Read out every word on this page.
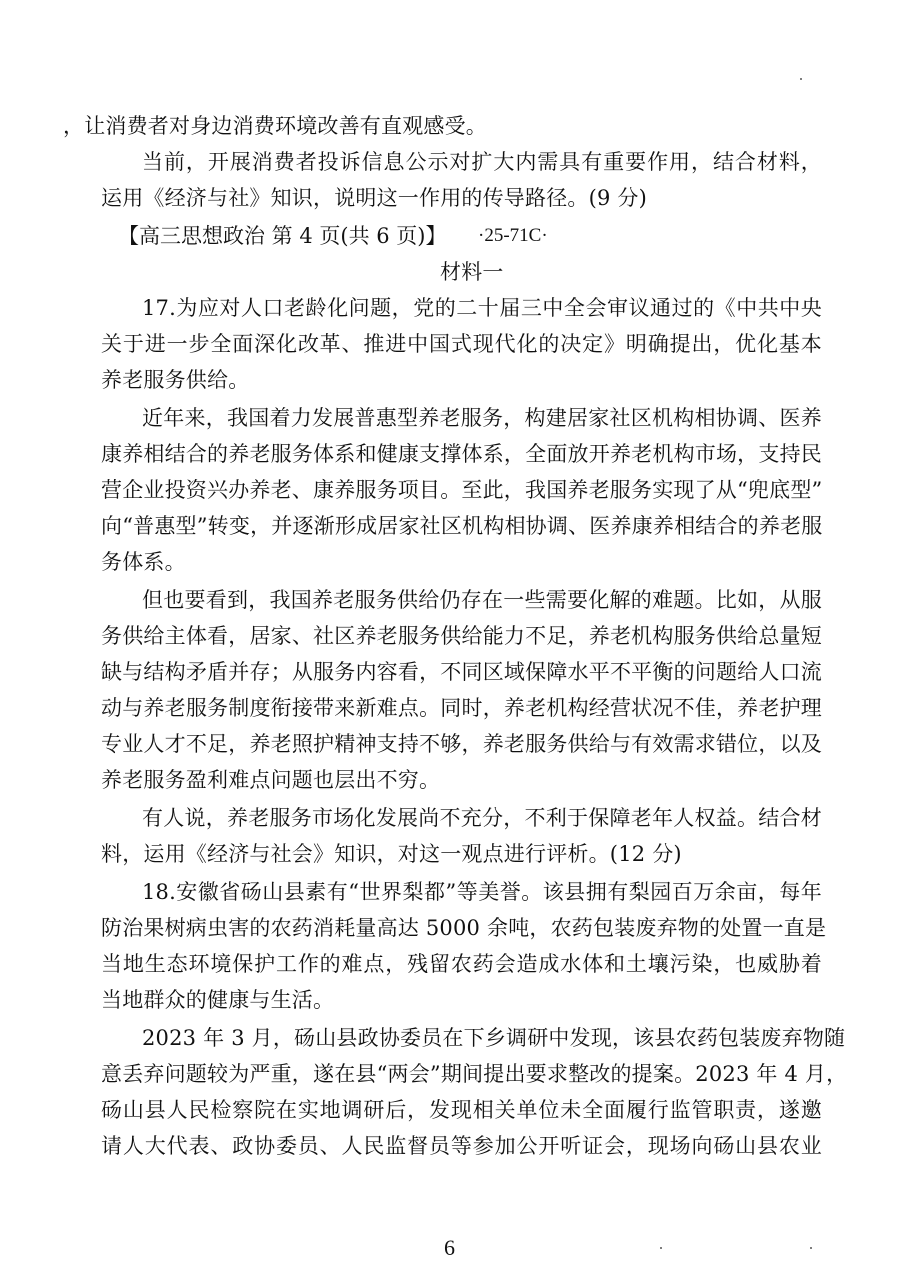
，让消费者对身边消费环境改善有直观感受。
当前，开展消费者投诉信息公示对扩大内需具有重要作用，结合材料，
运用《经济与社》知识，说明这一作用的传导路径。(9 分)
【高三思想政治 第 4 页(共 6 页)】 ·25-71C·
材料一
17.为应对人口老龄化问题，党的二十届三中全会审议通过的《中共中央
关于进一步全面深化改革、推进中国式现代化的决定》明确提出，优化基本
养老服务供给。
近年来，我国着力发展普惠型养老服务，构建居家社区机构相协调、医养
康养相结合的养老服务体系和健康支撑体系，全面放开养老机构市场，支持民
营企业投资兴办养老、康养服务项目。至此，我国养老服务实现了从“兜底型”
向“普惠型”转变，并逐渐形成居家社区机构相协调、医养康养相结合的养老服
务体系。
但也要看到，我国养老服务供给仍存在一些需要化解的难题。比如，从服
务供给主体看，居家、社区养老服务供给能力不足，养老机构服务供给总量短
缺与结构矛盾并存；从服务内容看，不同区域保障水平不平衡的问题给人口流
动与养老服务制度衔接带来新难点。同时，养老机构经营状况不佳，养老护理
专业人才不足，养老照护精神支持不够，养老服务供给与有效需求错位，以及
养老服务盈利难点问题也层出不穷。
有人说，养老服务市场化发展尚不充分，不利于保障老年人权益。结合材
料，运用《经济与社会》知识，对这一观点进行评析。(12 分)
18.安徽省砀山县素有“世界梨都”等美誉。该县拥有梨园百万余亩，每年
防治果树病虫害的农药消耗量高达 5000 余吨，农药包装废弃物的处置一直是
当地生态环境保护工作的难点，残留农药会造成水体和土壤污染，也威胁着
当地群众的健康与生活。
2023 年 3 月，砀山县政协委员在下乡调研中发现，该县农药包装废弃物随
意丢弃问题较为严重，遂在县“两会”期间提出要求整改的提案。2023 年 4 月，
砀山县人民检察院在实地调研后，发现相关单位未全面履行监管职责，遂邀
请人大代表、政协委员、人民监督员等参加公开听证会，现场向砀山县农业
6
